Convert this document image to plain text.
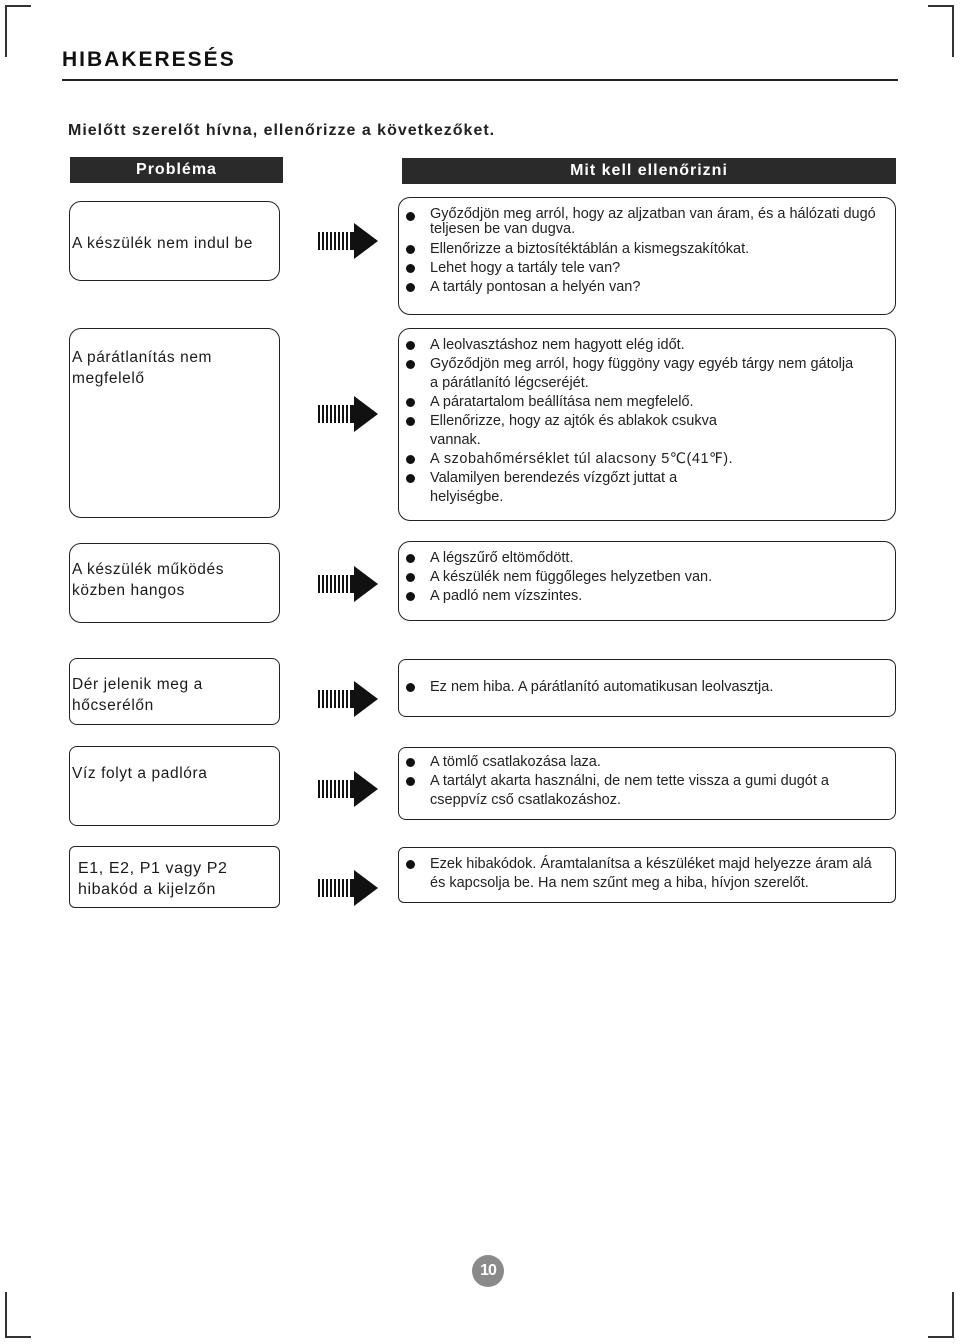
HIBAKERESÉS
Mielőtt szerelőt hívna, ellenőrizze a következőket.
Probléma	Mit kell ellenőrizni
A készülék nem indul be
Győződjön meg arról, hogy az aljzatban van áram, és a hálózati dugó teljesen be van dugva.
Ellenőrizze a biztosítéktáblán a kismegszakítókat.
Lehet hogy a tartály tele van?
A tartály pontosan a helyén van?
A párátlanítás nem megfelelő
A leolvasztáshoz nem hagyott elég időt.
Győződjön meg arról, hogy függöny vagy egyéb tárgy nem gátolja a párátlanító légcseréjét.
A páratartalom beállítása nem megfelelő.
Ellenőrizze, hogy az ajtók és ablakok csukva vannak.
A szobahőmérséklet túl alacsony 5℃(41℉).
Valamilyen berendezés vízgőzt juttat a helyiségbe.
A készülék működés közben hangos
A légszűrő eltömődött.
A készülék nem függőleges helyzetben van.
A padló nem vízszintes.
Dér jelenik meg a hőcserélőn
Ez nem hiba. A párátlanító automatikusan leolvasztja.
Víz folyt a padlóra
A tömlő csatlakozása laza.
A tartályt akarta használni, de nem tette vissza a gumi dugót a cseppvíz cső csatlakozáshoz.
E1, E2, P1 vagy P2 hibakód a kijelzőn
Ezek hibakódok. Áramtalanítsa a készüléket majd helyezze áram alá és kapcsolja be. Ha nem szűnt meg a hiba, hívjon szerelőt.
10
